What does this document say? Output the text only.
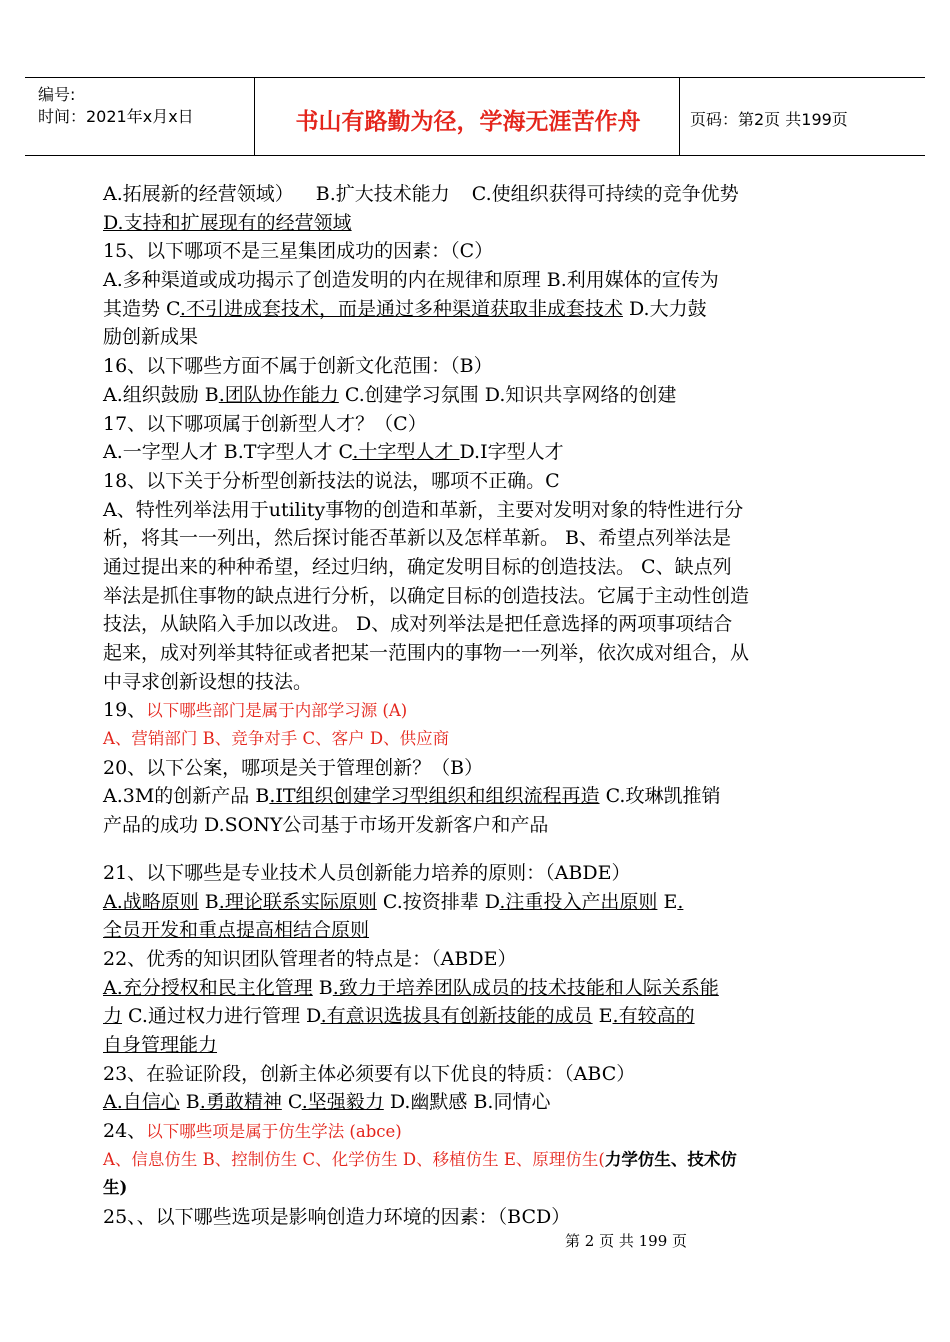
编号:
时间：2021年x月x日	书山有路勤为径，学海无涯苦作舟	页码：第2页 共199页
A.拓展新的经营领域） B.扩大技术能力 C.使组织获得可持续的竞争优势
D.支持和扩展现有的经营领域
15、以下哪项不是三星集团成功的因素：（C）
A.多种渠道或成功揭示了创造发明的内在规律和原理 B.利用媒体的宣传为
其造势 C.不引进成套技术，而是通过多种渠道获取非成套技术 D.大力鼓
励创新成果
16、以下哪些方面不属于创新文化范围：（B）
A.组织鼓励 B.团队协作能力 C.创建学习氛围 D.知识共享网络的创建
17、以下哪项属于创新型人才？（C）
A.一字型人才 B.T字型人才 C.十字型人才 D.I字型人才
18、以下关于分析型创新技法的说法，哪项不正确。C
A、特性列举法用于utility事物的创造和革新，主要对发明对象的特性进行分
析，将其一一列出，然后探讨能否革新以及怎样革新。 B、希望点列举法是
通过提出来的种种希望，经过归纳，确定发明目标的创造技法。 C、缺点列
举法是抓住事物的缺点进行分析，以确定目标的创造技法。它属于主动性创造
技法，从缺陷入手加以改进。 D、成对列举法是把任意选择的两项事项结合
起来，成对列举其特征或者把某一范围内的事物一一列举，依次成对组合，从
中寻求创新设想的技法。
19、以下哪些部门是属于内部学习源 (A)
A、营销部门 B、竞争对手 C、客户 D、供应商
20、以下公案，哪项是关于管理创新？（B）
A.3M的创新产品 B.IT组织创建学习型组织和组织流程再造 C.玫琳凯推销
产品的成功 D.SONY公司基于市场开发新客户和产品
21、以下哪些是专业技术人员创新能力培养的原则：（ABDE）
A.战略原则 B.理论联系实际原则 C.按资排辈 D.注重投入产出原则 E.
全员开发和重点提高相结合原则
22、优秀的知识团队管理者的特点是：（ABDE）
A.充分授权和民主化管理 B.致力于培养团队成员的技术技能和人际关系能
力 C.通过权力进行管理 D.有意识选拔具有创新技能的成员 E.有较高的
自身管理能力
23、在验证阶段，创新主体必须要有以下优良的特质：（ABC）
A.自信心 B.勇敢精神 C.坚强毅力 D.幽默感 B.同情心
24、以下哪些项是属于仿生学法 (abce)
A、信息仿生 B、控制仿生 C、化学仿生 D、移植仿生 E、原理仿生(力学仿生、技术仿
生)
25、、以下哪些选项是影响创造力环境的因素：（BCD）
第 2 页 共 199 页
